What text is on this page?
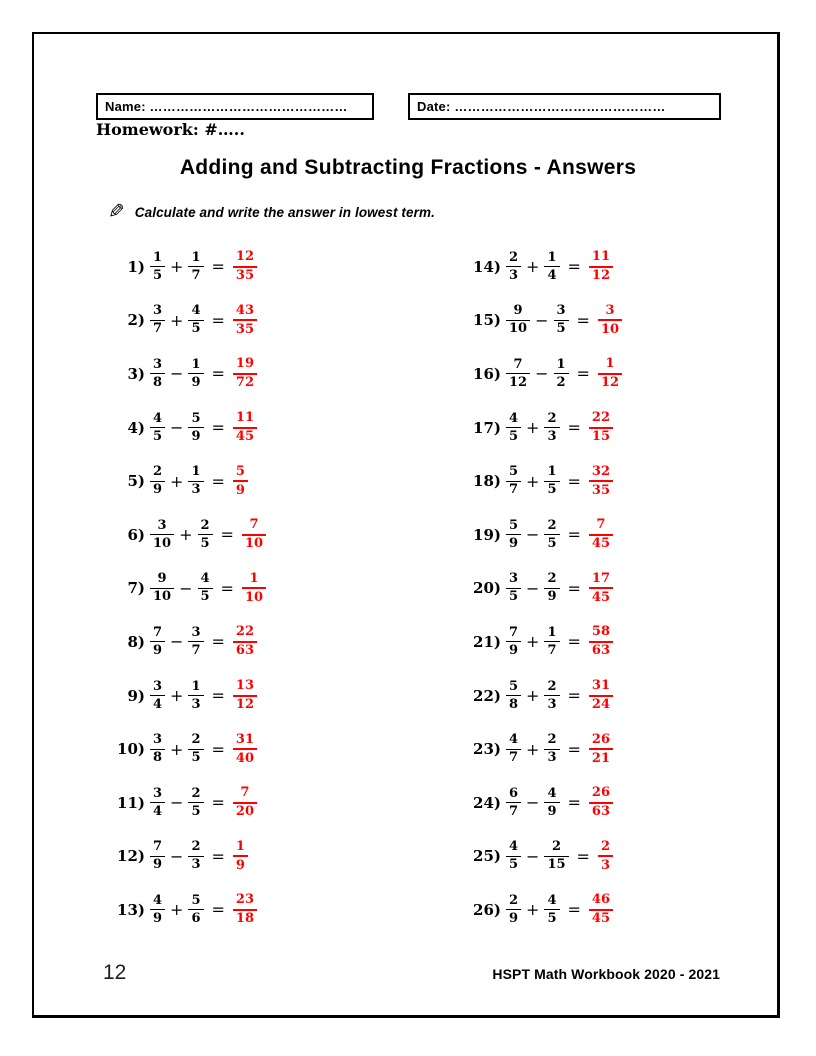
Name: ………………………………………	Date: …………………………………………
Homework: #…..
Adding and Subtracting Fractions - Answers
✎ Calculate and write the answer in lowest term.
$1) \frac{1}{5} + \frac{1}{7} = \frac{12}{35}$
$2) \frac{3}{7} + \frac{4}{5} = \frac{43}{35}$
$3) \frac{3}{8} - \frac{1}{9} = \frac{19}{72}$
$4) \frac{4}{5} - \frac{5}{9} = \frac{11}{45}$
$5) \frac{2}{9} + \frac{1}{3} = \frac{5}{9}$
$6) \frac{3}{10} + \frac{2}{5} = \frac{7}{10}$
$7) \frac{9}{10} - \frac{4}{5} = \frac{1}{10}$
$8) \frac{7}{9} - \frac{3}{7} = \frac{22}{63}$
$9) \frac{3}{4} + \frac{1}{3} = \frac{13}{12}$
$10) \frac{3}{8} + \frac{2}{5} = \frac{31}{40}$
$11) \frac{3}{4} - \frac{2}{5} = \frac{7}{20}$
$12) \frac{7}{9} - \frac{2}{3} = \frac{1}{9}$
$13) \frac{4}{9} + \frac{5}{6} = \frac{23}{18}$
$14) \frac{2}{3} + \frac{1}{4} = \frac{11}{12}$
$15) \frac{9}{10} - \frac{3}{5} = \frac{3}{10}$
$16) \frac{7}{12} - \frac{1}{2} = \frac{1}{12}$
$17) \frac{4}{5} + \frac{2}{3} = \frac{22}{15}$
$18) \frac{5}{7} + \frac{1}{5} = \frac{32}{35}$
$19) \frac{5}{9} - \frac{2}{5} = \frac{7}{45}$
$20) \frac{3}{5} - \frac{2}{9} = \frac{17}{45}$
$21) \frac{7}{9} + \frac{1}{7} = \frac{58}{63}$
$22) \frac{5}{8} + \frac{2}{3} = \frac{31}{24}$
$23) \frac{4}{7} + \frac{2}{3} = \frac{26}{21}$
$24) \frac{6}{7} - \frac{4}{9} = \frac{26}{63}$
$25) \frac{4}{5} - \frac{2}{15} = \frac{2}{3}$
$26) \frac{2}{9} + \frac{4}{5} = \frac{46}{45}$
12	HSPT Math Workbook 2020 - 2021
